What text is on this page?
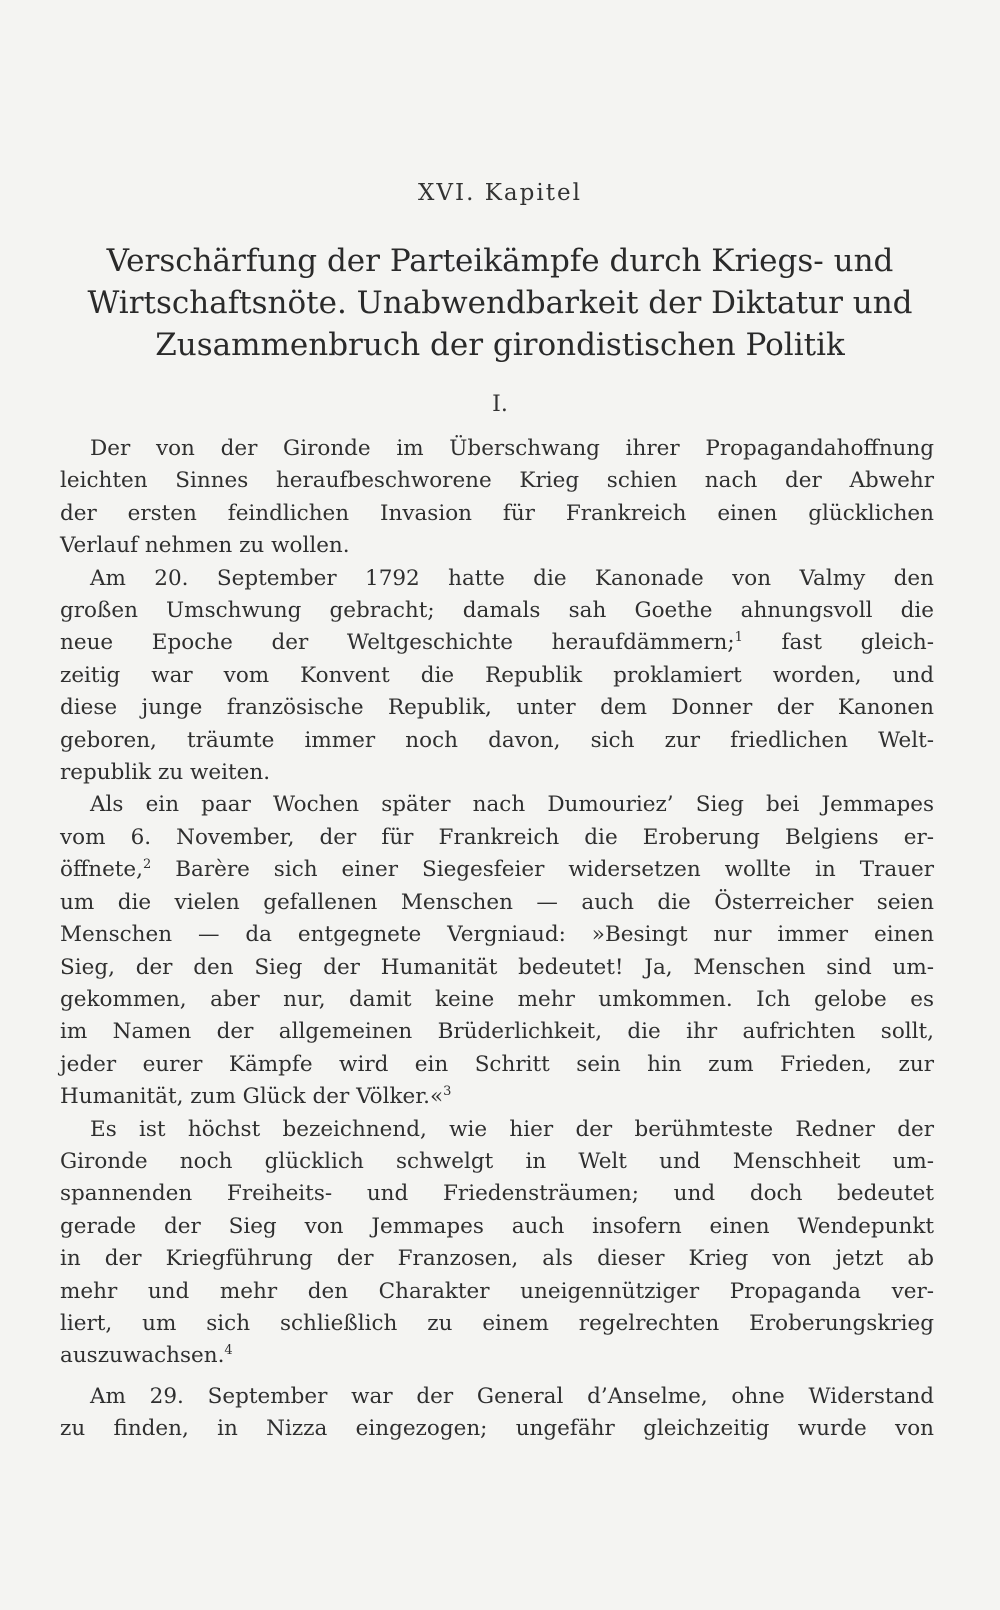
XVI. Kapitel
Verschärfung der Parteikämpfe durch Kriegs- und
Wirtschaftsnöte. Unabwendbarkeit der Diktatur und
Zusammenbruch der girondistischen Politik
I.

Der von der Gironde im Überschwang ihrer Propagandahoffnung
leichten Sinnes heraufbeschworene Krieg schien nach der Abwehr
der ersten feindlichen Invasion für Frankreich einen glücklichen
Verlauf nehmen zu wollen.

Am 20. September 1792 hatte die Kanonade von Valmy den
großen Umschwung gebracht; damals sah Goethe ahnungsvoll die
neue Epoche der Weltgeschichte heraufdämmern;$^1$ fast gleich-
zeitig war vom Konvent die Republik proklamiert worden, und
diese junge französische Republik, unter dem Donner der Kanonen
geboren, träumte immer noch davon, sich zur friedlichen Welt-
republik zu weiten.

Als ein paar Wochen später nach Dumouriez’ Sieg bei Jemmapes
vom 6. November, der für Frankreich die Eroberung Belgiens er-
öffnete,$^2$ Barère sich einer Siegesfeier widersetzen wollte in Trauer
um die vielen gefallenen Menschen — auch die Österreicher seien
Menschen — da entgegnete Vergniaud: »Besingt nur immer einen
Sieg, der den Sieg der Humanität bedeutet! Ja, Menschen sind um-
gekommen, aber nur, damit keine mehr umkommen. Ich gelobe es
im Namen der allgemeinen Brüderlichkeit, die ihr aufrichten sollt,
jeder eurer Kämpfe wird ein Schritt sein hin zum Frieden, zur
Humanität, zum Glück der Völker.«$^3$

Es ist höchst bezeichnend, wie hier der berühmteste Redner der
Gironde noch glücklich schwelgt in Welt und Menschheit um-
spannenden Freiheits- und Friedensträumen; und doch bedeutet
gerade der Sieg von Jemmapes auch insofern einen Wendepunkt
in der Kriegführung der Franzosen, als dieser Krieg von jetzt ab
mehr und mehr den Charakter uneigennütziger Propaganda ver-
liert, um sich schließlich zu einem regelrechten Eroberungskrieg
auszuwachsen.$^4$

Am 29. September war der General d’Anselme, ohne Widerstand
zu finden, in Nizza eingezogen; ungefähr gleichzeitig wurde von
